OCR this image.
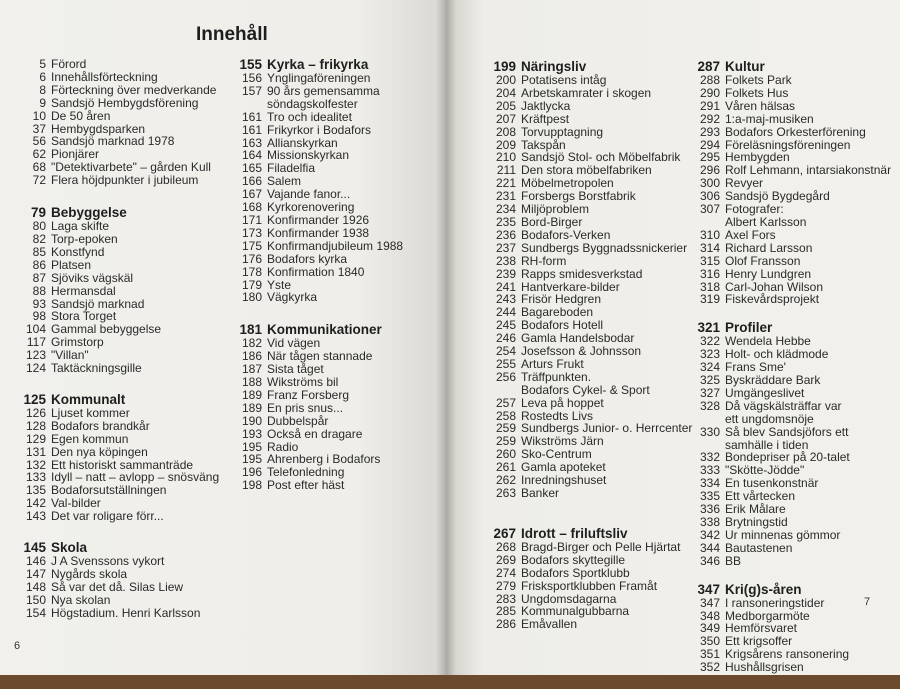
Innehåll
6
7
5 Förord
6 Innehållsförteckning
8 Förteckning över medverkande
9 Sandsjö Hembygdsförening
10 De 50 åren
37 Hembygdsparken
56 Sandsjö marknad 1978
62 Pionjärer
68 "Detektivarbete" – gården Kull
72 Flera höjdpunkter i jubileum
79 Bebyggelse
80 Laga skifte
82 Torp-epoken
85 Konstfynd
86 Platsen
87 Sjöviks vägskäl
88 Hermansdal
93 Sandsjö marknad
98 Stora Torget
104 Gammal bebyggelse
117 Grimstorp
123 "Villan"
124 Taktäckningsgille
125 Kommunalt
126 Ljuset kommer
128 Bodafors brandkår
129 Egen kommun
131 Den nya köpingen
132 Ett historiskt sammanträde
133 Idyll – natt – avlopp – snösväng
135 Bodaforsutställningen
142 Val-bilder
143 Det var roligare förr...
145 Skola
146 J A Svenssons vykort
147 Nygårds skola
148 Så var det då. Silas Liew
150 Nya skolan
154 Högstadium. Henri Karlsson
155 Kyrka – frikyrka
156 Ynglingaföreningen
157 90 års gemensamma
söndagskolfester
161 Tro och idealitet
161 Frikyrkor i Bodafors
163 Allianskyrkan
164 Missionskyrkan
165 Filadelfia
166 Salem
167 Vajande fanor...
168 Kyrkorenovering
171 Konfirmander 1926
173 Konfirmander 1938
175 Konfirmandjubileum 1988
176 Bodafors kyrka
178 Konfirmation 1840
179 Yste
180 Vägkyrka
181 Kommunikationer
182 Vid vägen
186 När tågen stannade
187 Sista tåget
188 Wikströms bil
189 Franz Forsberg
189 En pris snus...
190 Dubbelspår
193 Också en dragare
195 Radio
195 Ahrenberg i Bodafors
196 Telefonledning
198 Post efter häst
199 Näringsliv
200 Potatisens intåg
204 Arbetskamrater i skogen
205 Jaktlycka
207 Kräftpest
208 Torvupptagning
209 Takspån
210 Sandsjö Stol- och Möbelfabrik
211 Den stora möbelfabriken
221 Möbelmetropolen
231 Forsbergs Borstfabrik
234 Miljöproblem
235 Bord-Birger
236 Bodafors-Verken
237 Sundbergs Byggnadssnickerier
238 RH-form
239 Rapps smidesverkstad
241 Hantverkare-bilder
243 Frisör Hedgren
244 Bagareboden
245 Bodafors Hotell
246 Gamla Handelsbodar
254 Josefsson & Johnsson
255 Arturs Frukt
256 Träffpunkten.
Bodafors Cykel- & Sport
257 Leva på hoppet
258 Rostedts Livs
259 Sundbergs Junior- o. Herrcenter
259 Wikströms Järn
260 Sko-Centrum
261 Gamla apoteket
262 Inredningshuset
263 Banker
267 Idrott – friluftsliv
268 Bragd-Birger och Pelle Hjärtat
269 Bodafors skyttegille
274 Bodafors Sportklubb
279 Frisksportklubben Framåt
283 Ungdomsdagarna
285 Kommunalgubbarna
286 Emåvallen
287 Kultur
288 Folkets Park
290 Folkets Hus
291 Våren hälsas
292 1:a-maj-musiken
293 Bodafors Orkesterförening
294 Föreläsningsföreningen
295 Hembygden
296 Rolf Lehmann, intarsiakonstnär
300 Revyer
306 Sandsjö Bygdegård
307 Fotografer:
Albert Karlsson
310 Axel Fors
314 Richard Larsson
315 Olof Fransson
316 Henry Lundgren
318 Carl-Johan Wilson
319 Fiskevårdsprojekt
321 Profiler
322 Wendela Hebbe
323 Holt- och klädmode
324 Frans Sme'
325 Byskräddare Bark
327 Umgängeslivet
328 Då vägskälsträffar var
ett ungdomsnöje
330 Så blev Sandsjöfors ett
samhälle i tiden
332 Bondepriser på 20-talet
333 "Skötte-Jödde"
334 En tusenkonstnär
335 Ett vårtecken
336 Erik Målare
338 Brytningstid
342 Ur minnenas gömmor
344 Bautastenen
346 BB
347 Kri(g)s-åren
347 I ransoneringstider
348 Medborgarmöte
349 Hemförsvaret
350 Ett krigsoffer
351 Krigsårens ransonering
352 Hushållsgrisen
